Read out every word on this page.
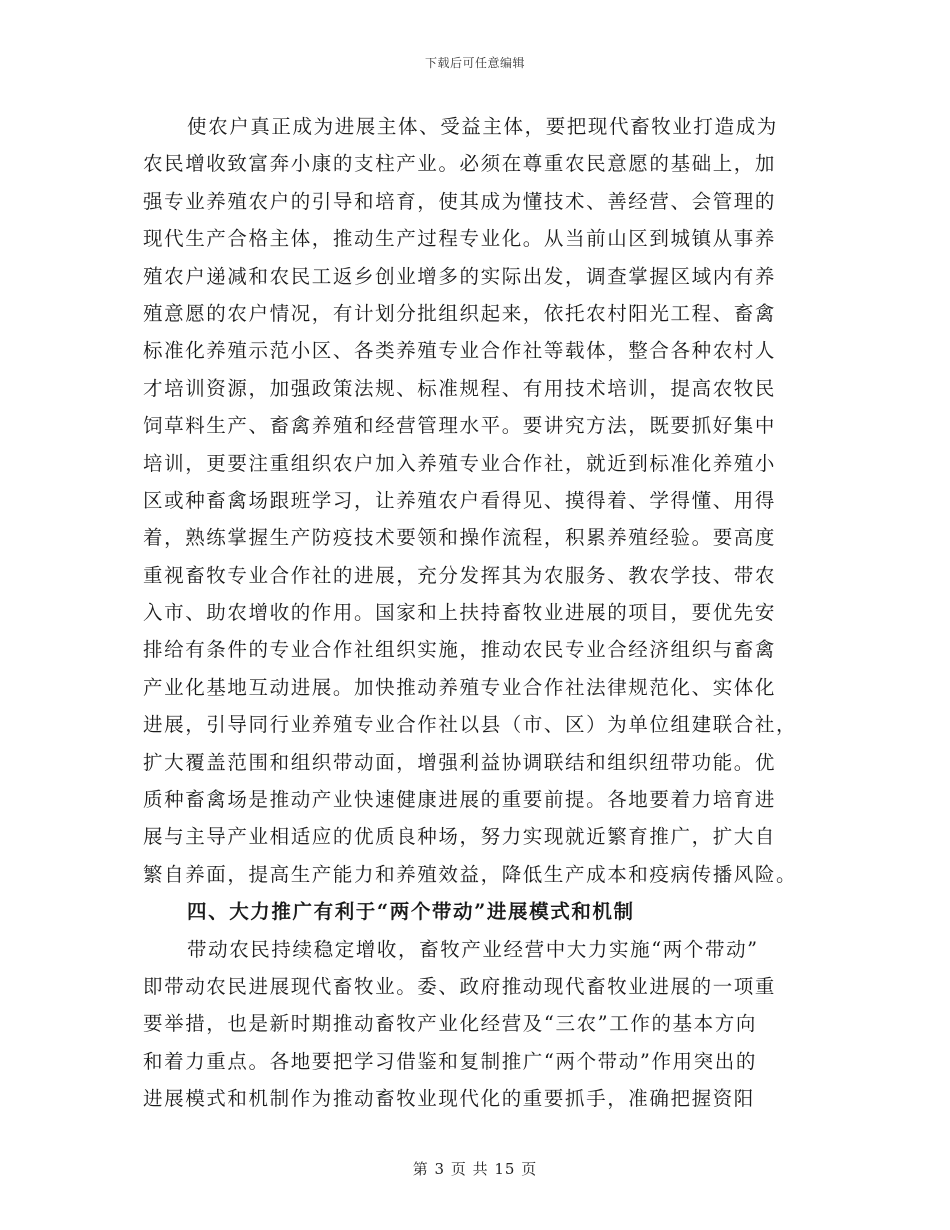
下载后可任意编辑

使农户真正成为进展主体、受益主体，要把现代畜牧业打造成为
农民增收致富奔小康的支柱产业。必须在尊重农民意愿的基础上，加
强专业养殖农户的引导和培育，使其成为懂技术、善经营、会管理的
现代生产合格主体，推动生产过程专业化。从当前山区到城镇从事养
殖农户递减和农民工返乡创业增多的实际出发，调查掌握区域内有养
殖意愿的农户情况，有计划分批组织起来，依托农村阳光工程、畜禽
标准化养殖示范小区、各类养殖专业合作社等载体，整合各种农村人
才培训资源，加强政策法规、标准规程、有用技术培训，提高农牧民
饲草料生产、畜禽养殖和经营管理水平。要讲究方法，既要抓好集中
培训，更要注重组织农户加入养殖专业合作社，就近到标准化养殖小
区或种畜禽场跟班学习，让养殖农户看得见、摸得着、学得懂、用得
着，熟练掌握生产防疫技术要领和操作流程，积累养殖经验。要高度
重视畜牧专业合作社的进展，充分发挥其为农服务、教农学技、带农
入市、助农增收的作用。国家和上扶持畜牧业进展的项目，要优先安
排给有条件的专业合作社组织实施，推动农民专业合经济组织与畜禽
产业化基地互动进展。加快推动养殖专业合作社法律规范化、实体化
进展，引导同行业养殖专业合作社以县（市、区）为单位组建联合社，
扩大覆盖范围和组织带动面，增强利益协调联结和组织纽带功能。优
质种畜禽场是推动产业快速健康进展的重要前提。各地要着力培育进
展与主导产业相适应的优质良种场，努力实现就近繁育推广，扩大自
繁自养面，提高生产能力和养殖效益，降低生产成本和疫病传播风险。

四、大力推广有利于“两个带动”进展模式和机制

带动农民持续稳定增收，畜牧产业经营中大力实施“两个带动”
即带动农民进展现代畜牧业。委、政府推动现代畜牧业进展的一项重
要举措，也是新时期推动畜牧产业化经营及“三农”工作的基本方向
和着力重点。各地要把学习借鉴和复制推广“两个带动”作用突出的
进展模式和机制作为推动畜牧业现代化的重要抓手，准确把握资阳

第 3 页 共 15 页
